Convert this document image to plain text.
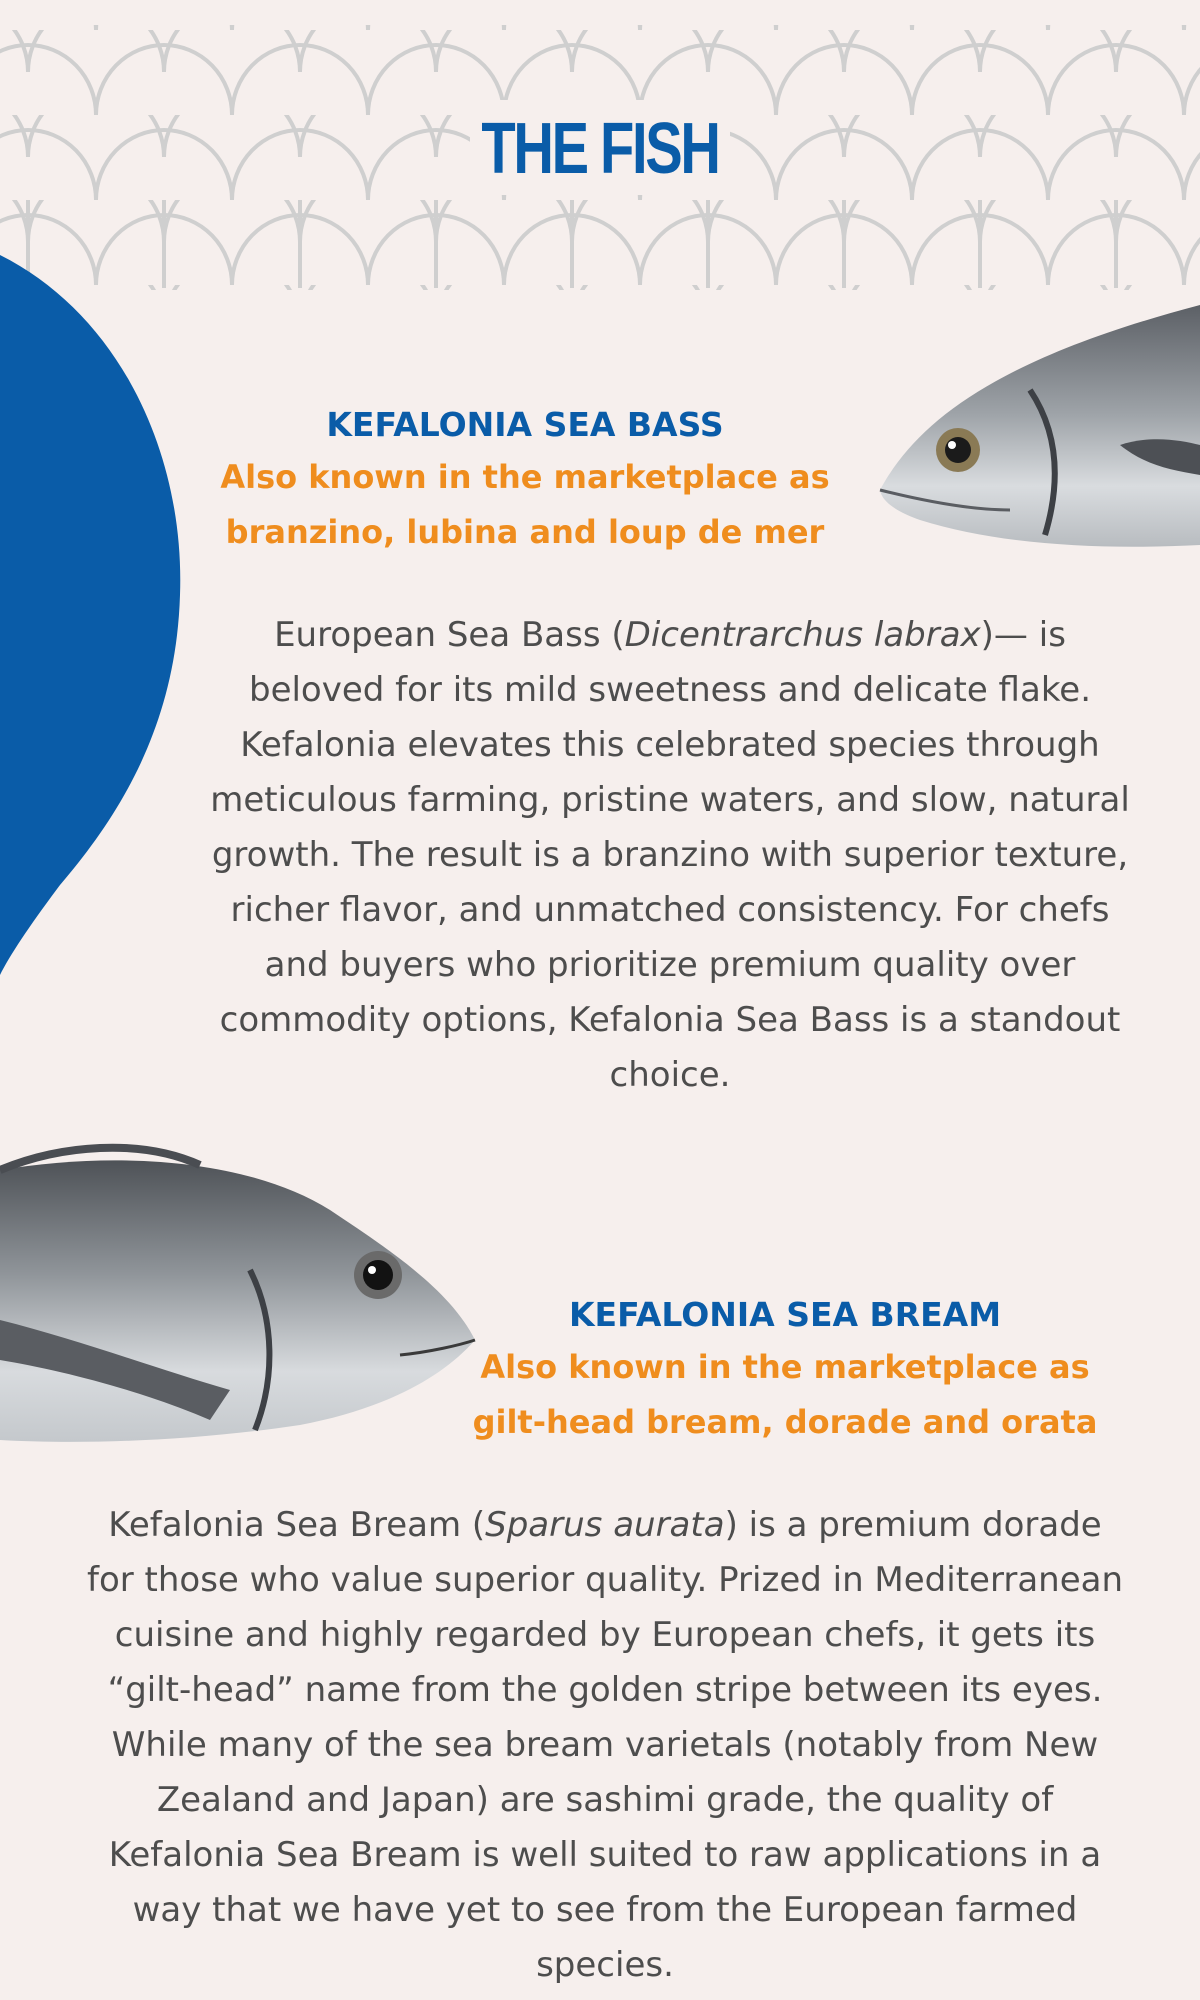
THE FISH
KEFALONIA SEA BASS
Also known in the marketplace as
branzino, lubina and loup de mer

European Sea Bass (Dicentrarchus labrax)— is beloved for its mild sweetness and delicate flake. Kefalonia elevates this celebrated species through meticulous farming, pristine waters, and slow, natural growth. The result is a branzino with superior texture, richer flavor, and unmatched consistency. For chefs and buyers who prioritize premium quality over commodity options, Kefalonia Sea Bass is a standout choice.

KEFALONIA SEA BREAM
Also known in the marketplace as
gilt-head bream, dorade and orata

Kefalonia Sea Bream (Sparus aurata) is a premium dorade for those who value superior quality. Prized in Mediterranean cuisine and highly regarded by European chefs, it gets its “gilt-head” name from the golden stripe between its eyes. While many of the sea bream varietals (notably from New Zealand and Japan) are sashimi grade, the quality of Kefalonia Sea Bream is well suited to raw applications in a way that we have yet to see from the European farmed species.
